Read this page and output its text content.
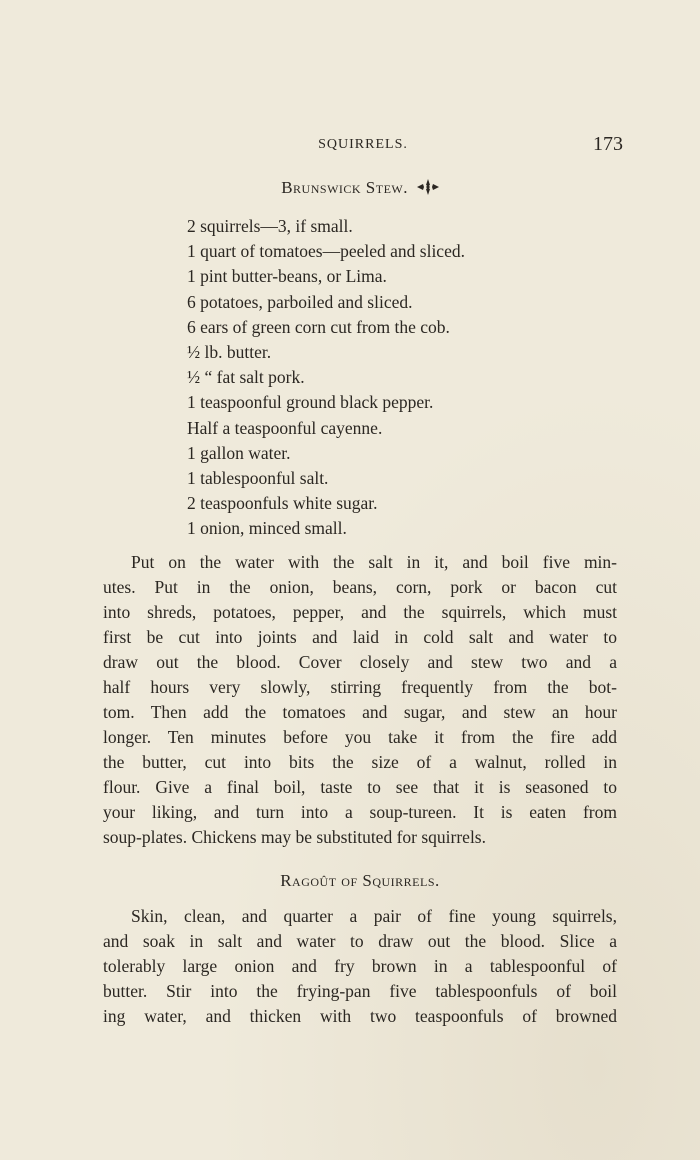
SQUIRRELS.	173
Brunswick Stew.
2 squirrels—3, if small.
1 quart of tomatoes—peeled and sliced.
1 pint butter-beans, or Lima.
6 potatoes, parboiled and sliced.
6 ears of green corn cut from the cob.
½ lb. butter.
½ “ fat salt pork.
1 teaspoonful ground black pepper.
Half a teaspoonful cayenne.
1 gallon water.
1 tablespoonful salt.
2 teaspoonfuls white sugar.
1 onion, minced small.
Put on the water with the salt in it, and boil five min-
utes. Put in the onion, beans, corn, pork or bacon cut
into shreds, potatoes, pepper, and the squirrels, which must
first be cut into joints and laid in cold salt and water to
draw out the blood. Cover closely and stew two and a
half hours very slowly, stirring frequently from the bot-
tom. Then add the tomatoes and sugar, and stew an hour
longer. Ten minutes before you take it from the fire add
the butter, cut into bits the size of a walnut, rolled in
flour. Give a final boil, taste to see that it is seasoned to
your liking, and turn into a soup-tureen. It is eaten from
soup-plates. Chickens may be substituted for squirrels.
Ragoût of Squirrels.
Skin, clean, and quarter a pair of fine young squirrels,
and soak in salt and water to draw out the blood. Slice a
tolerably large onion and fry brown in a tablespoonful of
butter. Stir into the frying-pan five tablespoonfuls of boil
ing water, and thicken with two teaspoonfuls of browned
